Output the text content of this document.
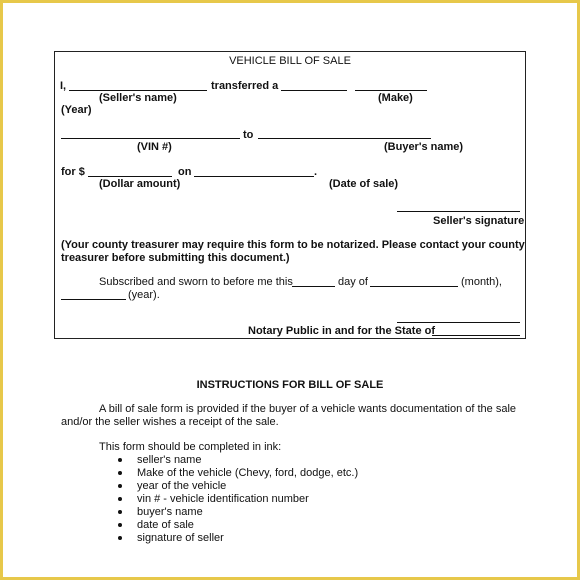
VEHICLE BILL OF SALE
I,	transferred a
(Seller's name)	(Make)
(Year)
to
(VIN #)	(Buyer's name)
for $	on	.
(Dollar amount)	(Date of sale)
Seller's signature
(Your county treasurer may require this form to be notarized. Please contact your county
treasurer before submitting this document.)
Subscribed and sworn to before me this	day of	(month),
(year).
Notary Public in and for the State of
INSTRUCTIONS FOR BILL OF SALE
A bill of sale form is provided if the buyer of a vehicle wants documentation of the sale
and/or the seller wishes a receipt of the sale.
This form should be completed in ink:
seller's name
Make of the vehicle (Chevy, ford, dodge, etc.)
year of the vehicle
vin # - vehicle identification number
buyer's name
date of sale
signature of seller
